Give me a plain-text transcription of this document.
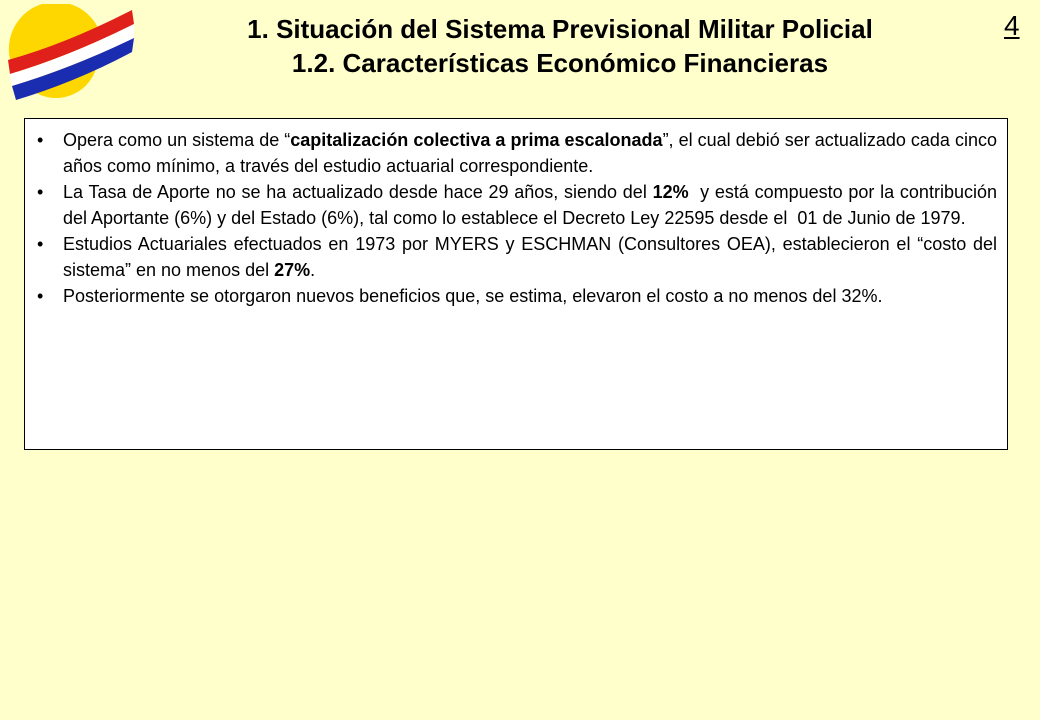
1. Situación del Sistema Previsional Militar Policial
1.2. Características Económico Financieras
4
•	Opera como un sistema de “capitalización colectiva a prima escalonada”, el cual debió ser actualizado cada cinco años como mínimo, a través del estudio actuarial correspondiente.
•	La Tasa de Aporte no se ha actualizado desde hace 29 años, siendo del 12%  y está compuesto por la contribución del Aportante (6%) y del Estado (6%), tal como lo establece el Decreto Ley 22595 desde el  01 de Junio de 1979.
•	Estudios Actuariales efectuados en 1973 por MYERS y ESCHMAN (Consultores OEA), establecieron el “costo del sistema” en no menos del 27%.
•	Posteriormente se otorgaron nuevos beneficios que, se estima, elevaron el costo a no menos del 32%.
